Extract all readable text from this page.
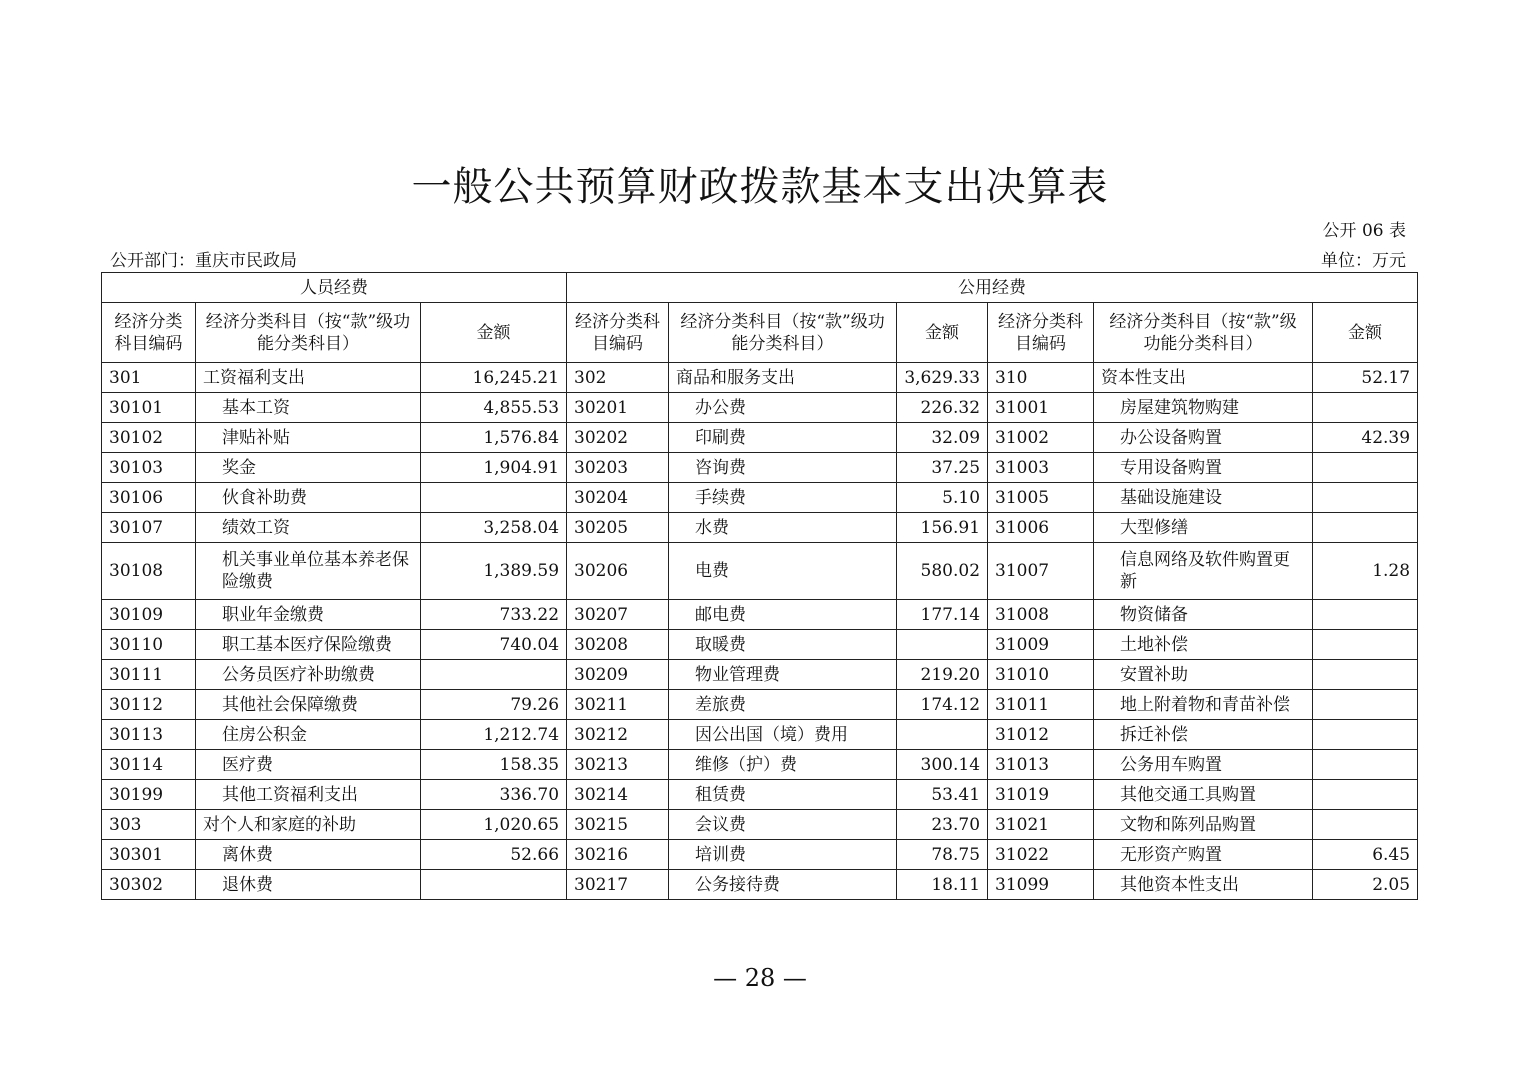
一般公共预算财政拨款基本支出决算表
公开 06 表
公开部门：重庆市民政局	单位：万元
人员经费			公用经费					
经济分类科目编码	经济分类科目（按“款”级功能分类科目）	金额	经济分类科目编码	经济分类科目（按“款”级功能分类科目）	金额	经济分类科目编码	经济分类科目（按“款”级功能分类科目）	金额
301	工资福利支出	16,245.21	302	商品和服务支出	3,629.33	310	资本性支出	52.17
30101	基本工资	4,855.53	30201	办公费	226.32	31001	房屋建筑物购建	
30102	津贴补贴	1,576.84	30202	印刷费	32.09	31002	办公设备购置	42.39
30103	奖金	1,904.91	30203	咨询费	37.25	31003	专用设备购置	
30106	伙食补助费		30204	手续费	5.10	31005	基础设施建设	
30107	绩效工资	3,258.04	30205	水费	156.91	31006	大型修缮	
30108	机关事业单位基本养老保险缴费	1,389.59	30206	电费	580.02	31007	信息网络及软件购置更新	1.28
30109	职业年金缴费	733.22	30207	邮电费	177.14	31008	物资储备	
30110	职工基本医疗保险缴费	740.04	30208	取暖费		31009	土地补偿	
30111	公务员医疗补助缴费		30209	物业管理费	219.20	31010	安置补助	
30112	其他社会保障缴费	79.26	30211	差旅费	174.12	31011	地上附着物和青苗补偿	
30113	住房公积金	1,212.74	30212	因公出国（境）费用		31012	拆迁补偿	
30114	医疗费	158.35	30213	维修（护）费	300.14	31013	公务用车购置	
30199	其他工资福利支出	336.70	30214	租赁费	53.41	31019	其他交通工具购置	
303	对个人和家庭的补助	1,020.65	30215	会议费	23.70	31021	文物和陈列品购置	
30301	离休费	52.66	30216	培训费	78.75	31022	无形资产购置	6.45
30302	退休费		30217	公务接待费	18.11	31099	其他资本性支出	2.05
— 28 —
